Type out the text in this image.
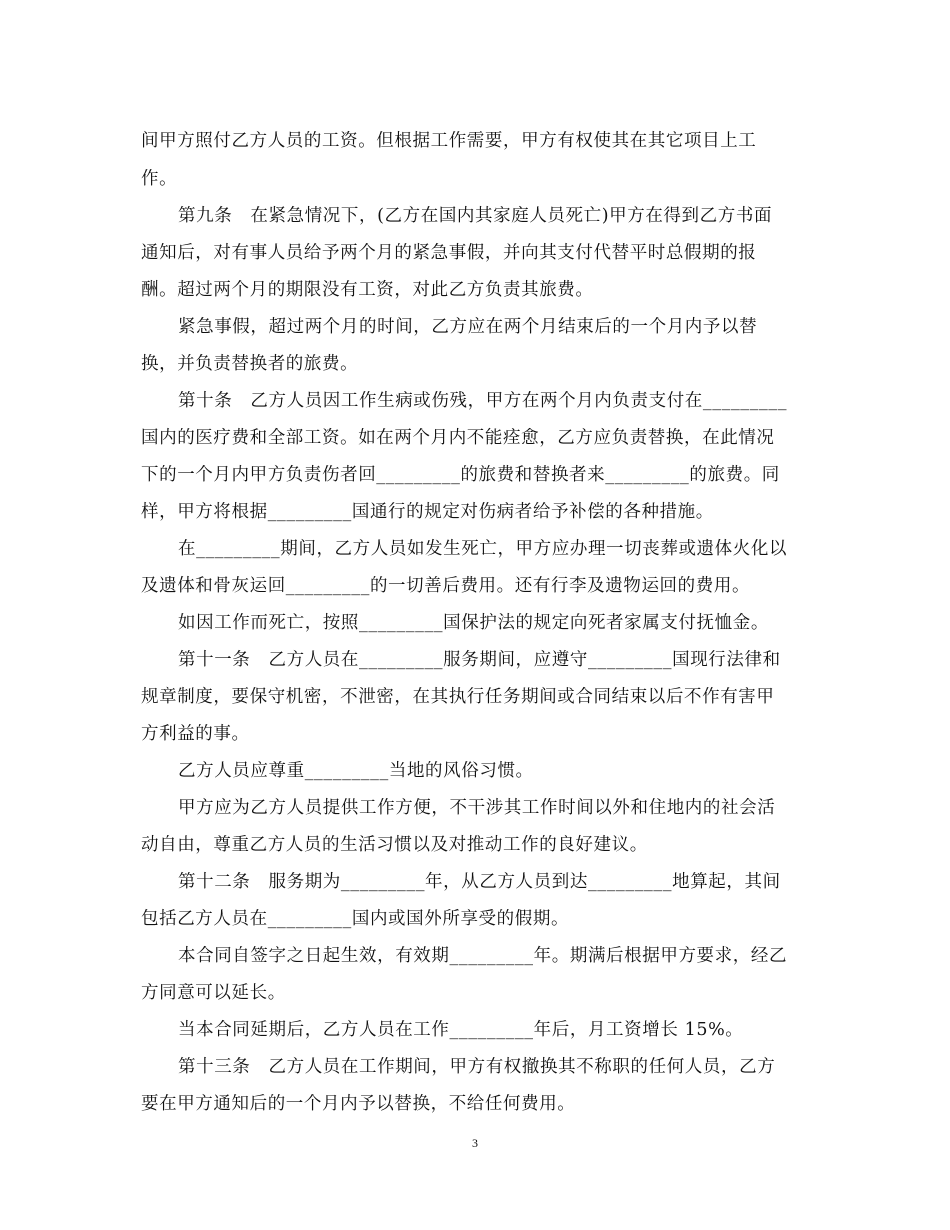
间甲方照付乙方人员的工资。但根据工作需要，甲方有权使其在其它项目上工
作。
第九条　在紧急情况下，(乙方在国内其家庭人员死亡)甲方在得到乙方书面
通知后，对有事人员给予两个月的紧急事假，并向其支付代替平时总假期的报
酬。超过两个月的期限没有工资，对此乙方负责其旅费。
紧急事假，超过两个月的时间，乙方应在两个月结束后的一个月内予以替
换，并负责替换者的旅费。
第十条　乙方人员因工作生病或伤残，甲方在两个月内负责支付在_________
国内的医疗费和全部工资。如在两个月内不能痊愈，乙方应负责替换，在此情况
下的一个月内甲方负责伤者回_________的旅费和替换者来_________的旅费。同
样，甲方将根据_________国通行的规定对伤病者给予补偿的各种措施。
在_________期间，乙方人员如发生死亡，甲方应办理一切丧葬或遗体火化以
及遗体和骨灰运回_________的一切善后费用。还有行李及遗物运回的费用。
如因工作而死亡，按照_________国保护法的规定向死者家属支付抚恤金。
第十一条　乙方人员在_________服务期间，应遵守_________国现行法律和
规章制度，要保守机密，不泄密，在其执行任务期间或合同结束以后不作有害甲
方利益的事。
乙方人员应尊重_________当地的风俗习惯。
甲方应为乙方人员提供工作方便，不干涉其工作时间以外和住地内的社会活
动自由，尊重乙方人员的生活习惯以及对推动工作的良好建议。
第十二条　服务期为_________年，从乙方人员到达_________地算起，其间
包括乙方人员在_________国内或国外所享受的假期。
本合同自签字之日起生效，有效期_________年。期满后根据甲方要求，经乙
方同意可以延长。
当本合同延期后，乙方人员在工作_________年后，月工资增长 15%。
第十三条　乙方人员在工作期间，甲方有权撤换其不称职的任何人员，乙方
要在甲方通知后的一个月内予以替换，不给任何费用。
3
